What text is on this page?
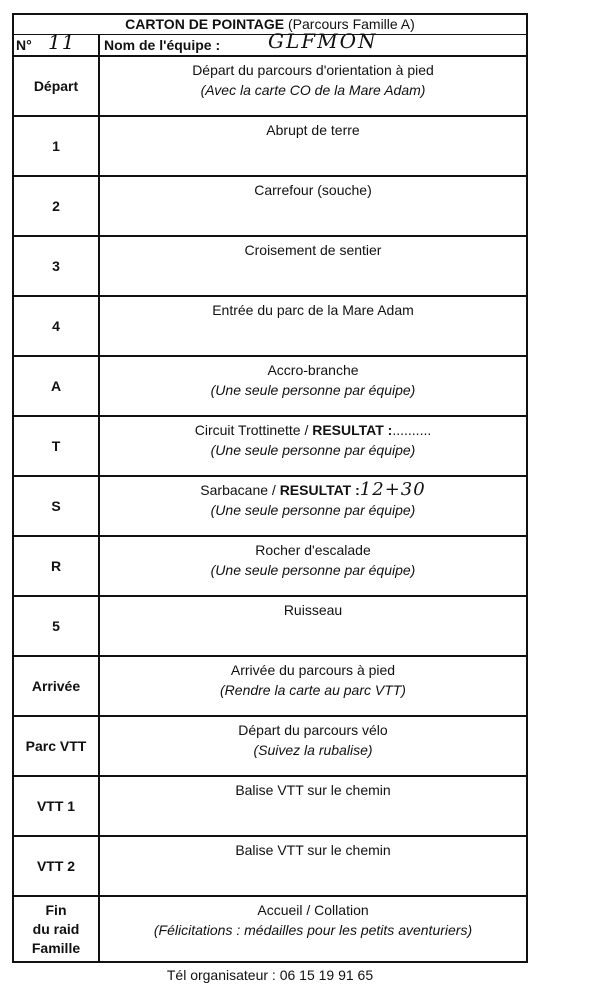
CARTON DE POINTAGE (Parcours Famille A)
N° 11 Nom de l'équipe : GLFMON
Départ
Départ du parcours d'orientation à pied
(Avec la carte CO de la Mare Adam)
1
Abrupt de terre
2
Carrefour (souche)
3
Croisement de sentier
4
Entrée du parc de la Mare Adam
A
Accro-branche
(Une seule personne par équipe)
T
Circuit Trottinette / RESULTAT :..........
(Une seule personne par équipe)
S
Sarbacane / RESULTAT :12+30
(Une seule personne par équipe)
R
Rocher d'escalade
(Une seule personne par équipe)
5
Ruisseau
Arrivée
Arrivée du parcours à pied
(Rendre la carte au parc VTT)
Parc VTT
Départ du parcours vélo
(Suivez la rubalise)
VTT 1
Balise VTT sur le chemin
VTT 2
Balise VTT sur le chemin
Fin
du raid
Famille
Accueil / Collation
(Félicitations : médailles pour les petits aventuriers)
Tél organisateur : 06 15 19 91 65
